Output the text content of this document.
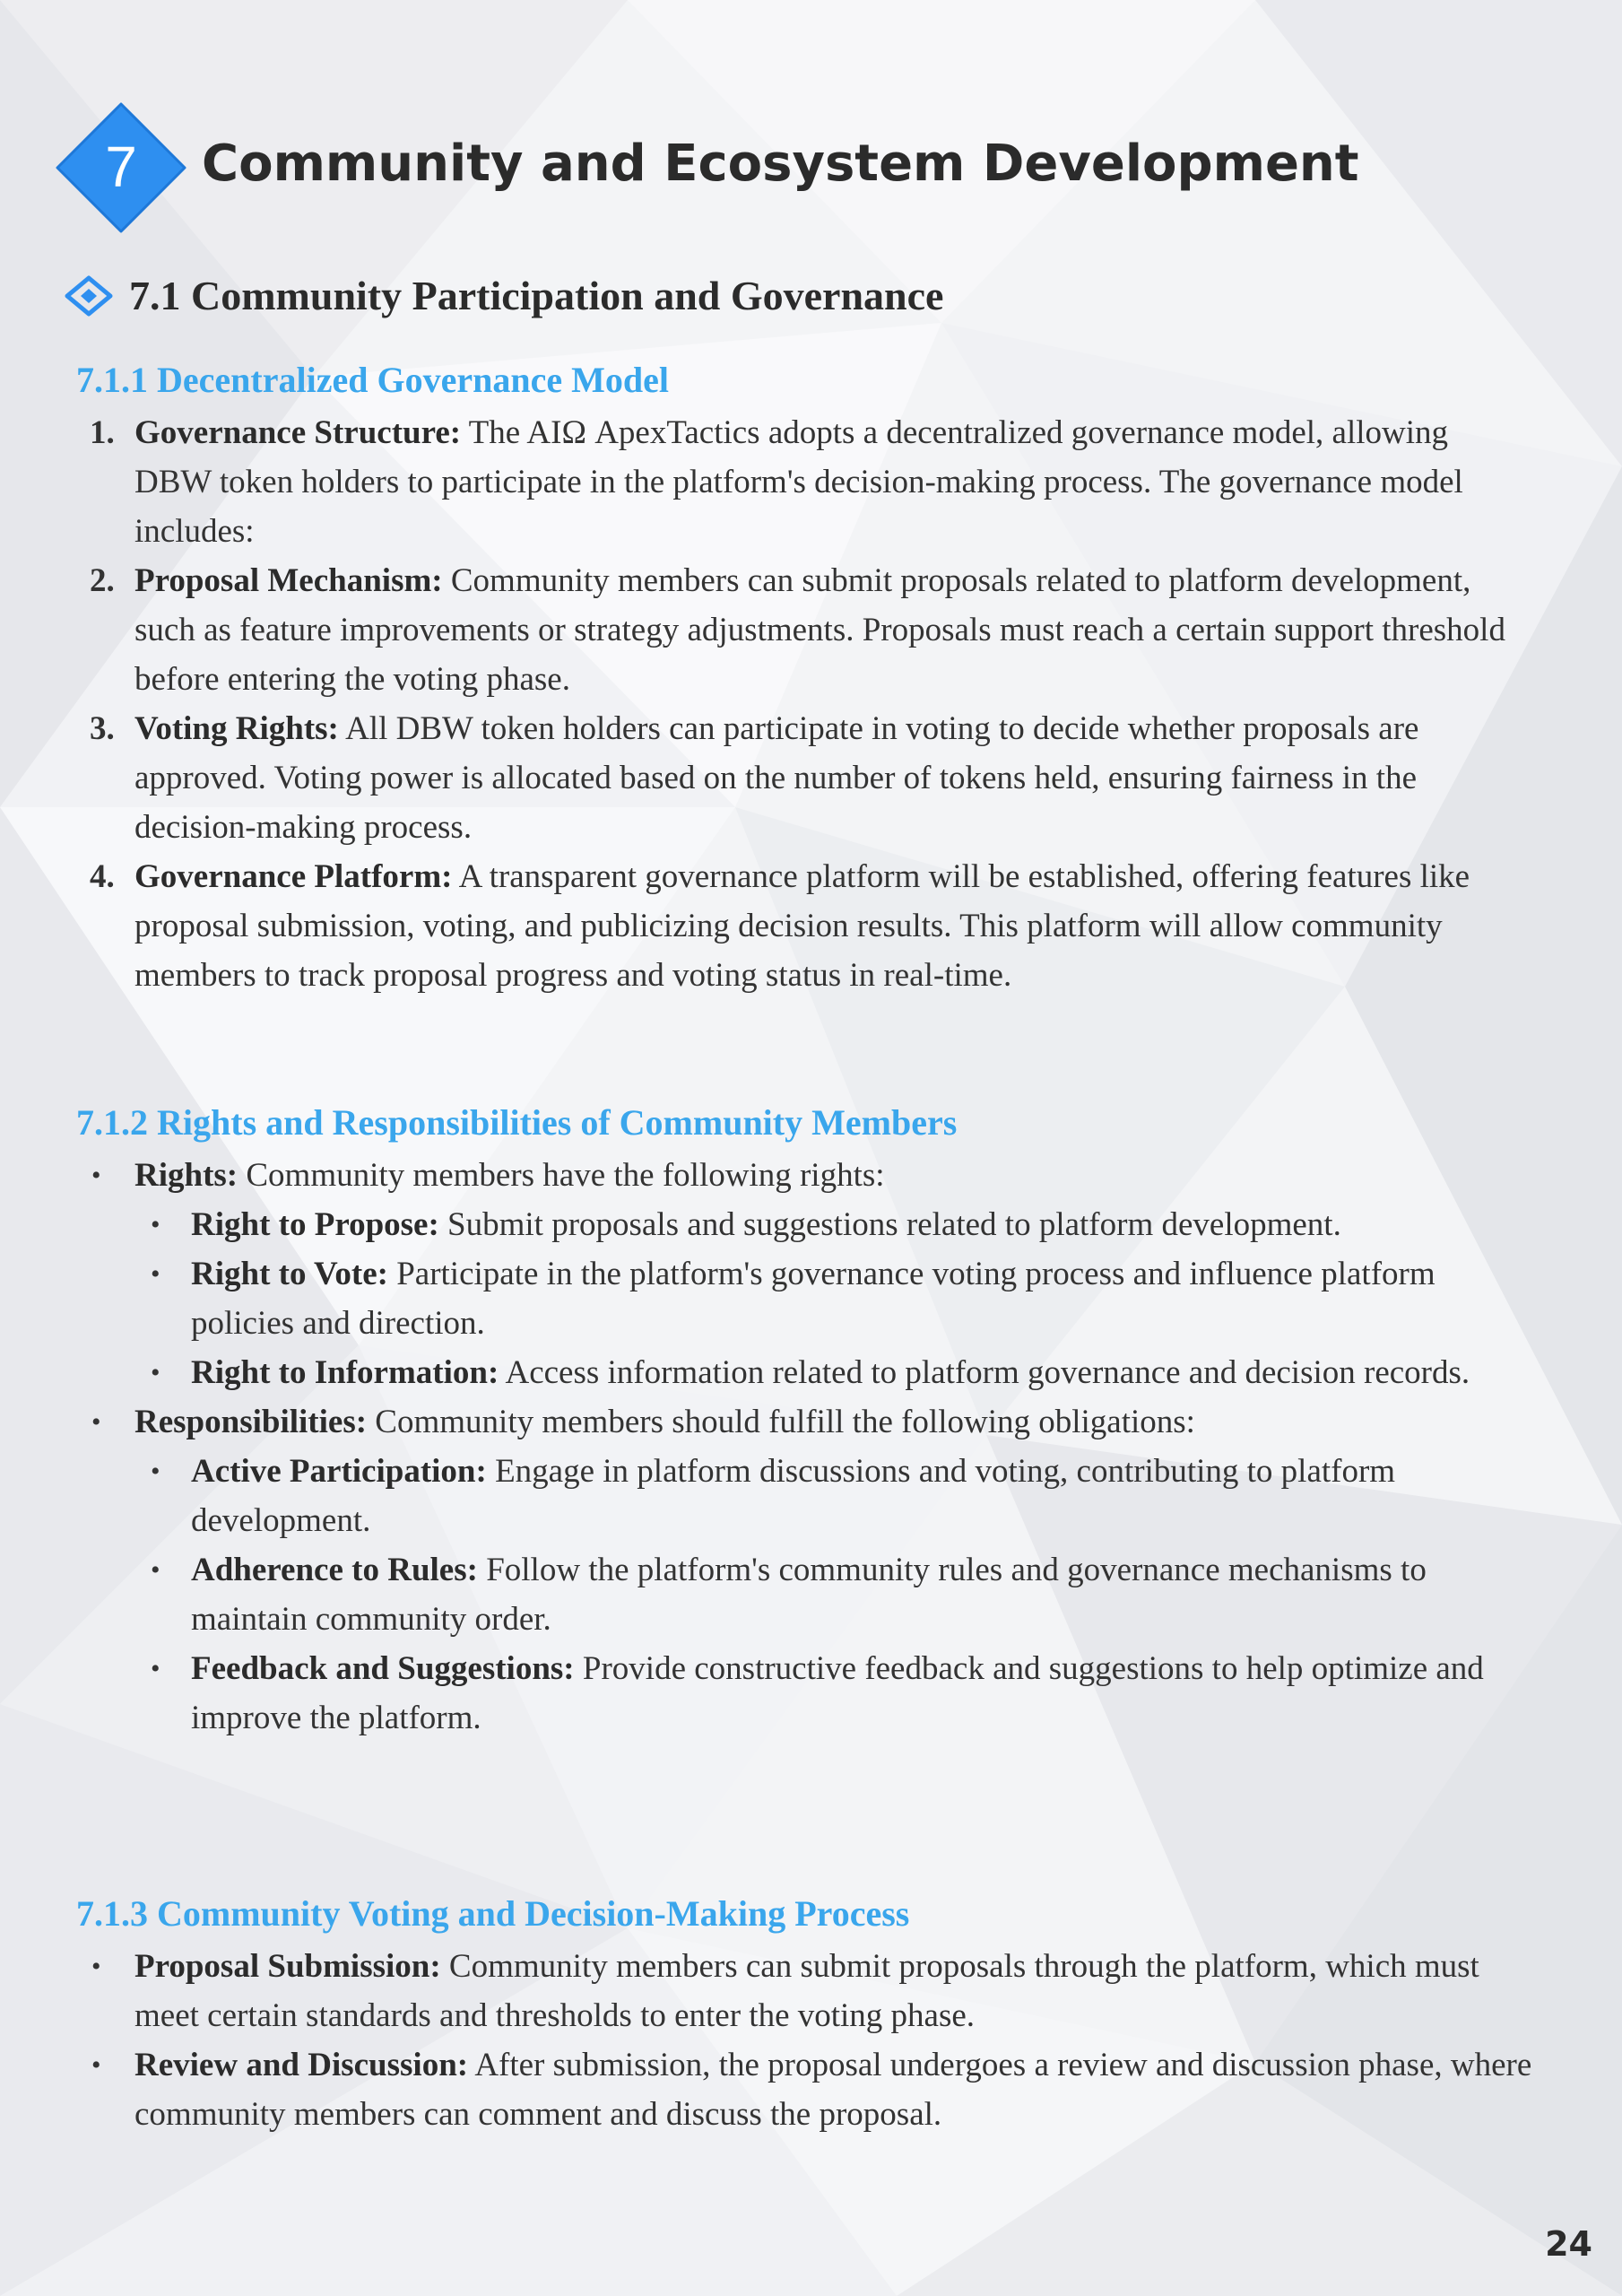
7 Community and Ecosystem Development
7.1 Community Participation and Governance
7.1.1 Decentralized Governance Model
1. Governance Structure: The AIΩ ApexTactics adopts a decentralized governance model, allowing DBW token holders to participate in the platform's decision-making process. The governance model includes:
2. Proposal Mechanism: Community members can submit proposals related to platform development, such as feature improvements or strategy adjustments. Proposals must reach a certain support threshold before entering the voting phase.
3. Voting Rights: All DBW token holders can participate in voting to decide whether proposals are approved. Voting power is allocated based on the number of tokens held, ensuring fairness in the decision-making process.
4. Governance Platform: A transparent governance platform will be established, offering features like proposal submission, voting, and publicizing decision results. This platform will allow community members to track proposal progress and voting status in real-time.
7.1.2 Rights and Responsibilities of Community Members
• Rights: Community members have the following rights:
• Right to Propose: Submit proposals and suggestions related to platform development.
• Right to Vote: Participate in the platform's governance voting process and influence platform policies and direction.
• Right to Information: Access information related to platform governance and decision records.
• Responsibilities: Community members should fulfill the following obligations:
• Active Participation: Engage in platform discussions and voting, contributing to platform development.
• Adherence to Rules: Follow the platform's community rules and governance mechanisms to maintain community order.
• Feedback and Suggestions: Provide constructive feedback and suggestions to help optimize and improve the platform.
7.1.3 Community Voting and Decision-Making Process
• Proposal Submission: Community members can submit proposals through the platform, which must meet certain standards and thresholds to enter the voting phase.
• Review and Discussion: After submission, the proposal undergoes a review and discussion phase, where community members can comment and discuss the proposal.
24
